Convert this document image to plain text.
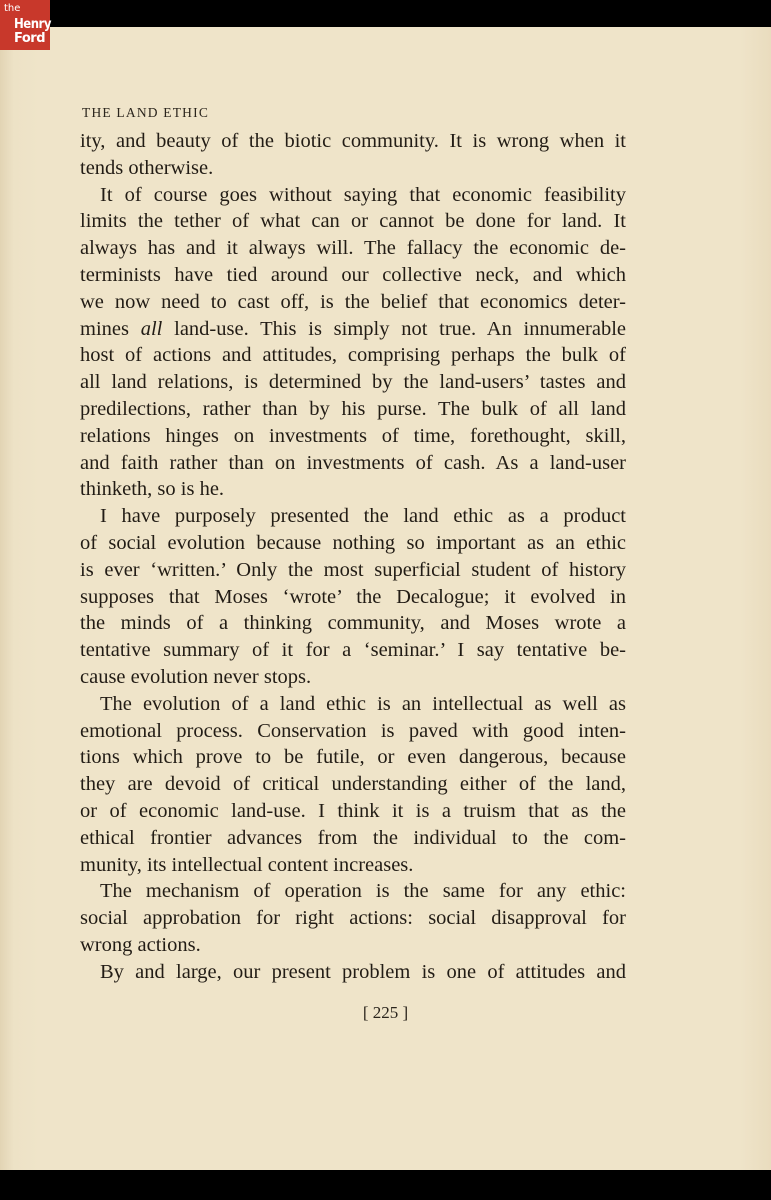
the
Henry
Ford
THE LAND ETHIC
ity, and beauty of the biotic community. It is wrong when it
tends otherwise.
It of course goes without saying that economic feasibility
limits the tether of what can or cannot be done for land. It
always has and it always will. The fallacy the economic de-
terminists have tied around our collective neck, and which
we now need to cast off, is the belief that economics deter-
mines all land-use. This is simply not true. An innumerable
host of actions and attitudes, comprising perhaps the bulk of
all land relations, is determined by the land-users’ tastes and
predilections, rather than by his purse. The bulk of all land
relations hinges on investments of time, forethought, skill,
and faith rather than on investments of cash. As a land-user
thinketh, so is he.
I have purposely presented the land ethic as a product
of social evolution because nothing so important as an ethic
is ever ‘written.’ Only the most superficial student of history
supposes that Moses ‘wrote’ the Decalogue; it evolved in
the minds of a thinking community, and Moses wrote a
tentative summary of it for a ‘seminar.’ I say tentative be-
cause evolution never stops.
The evolution of a land ethic is an intellectual as well as
emotional process. Conservation is paved with good inten-
tions which prove to be futile, or even dangerous, because
they are devoid of critical understanding either of the land,
or of economic land-use. I think it is a truism that as the
ethical frontier advances from the individual to the com-
munity, its intellectual content increases.
The mechanism of operation is the same for any ethic:
social approbation for right actions: social disapproval for
wrong actions.
By and large, our present problem is one of attitudes and
[ 225 ]
